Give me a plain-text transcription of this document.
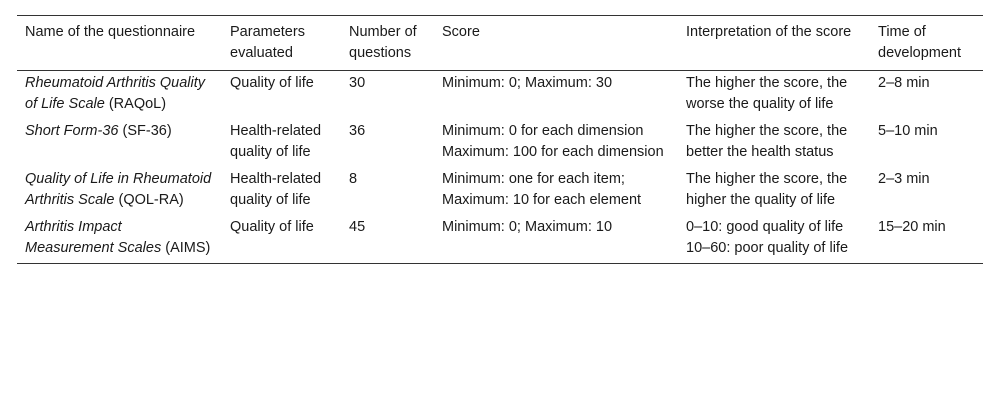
Name of the questionnaire	Parameters evaluated	Number of questions	Score	Interpretation of the score	Time of development
Rheumatoid Arthritis Quality of Life Scale (RAQoL)	Quality of life	30	Minimum: 0; Maximum: 30	The higher the score, the worse the quality of life	2–8 min
Short Form-36 (SF-36)	Health-related quality of life	36	Minimum: 0 for each dimension Maximum: 100 for each dimension	The higher the score, the better the health status	5–10 min
Quality of Life in Rheumatoid Arthritis Scale (QOL-RA)	Health-related quality of life	8	Minimum: one for each item; Maximum: 10 for each element	The higher the score, the higher the quality of life	2–3 min
Arthritis Impact Measurement Scales (AIMS)	Quality of life	45	Minimum: 0; Maximum: 10	0–10: good quality of life 10–60: poor quality of life	15–20 min
